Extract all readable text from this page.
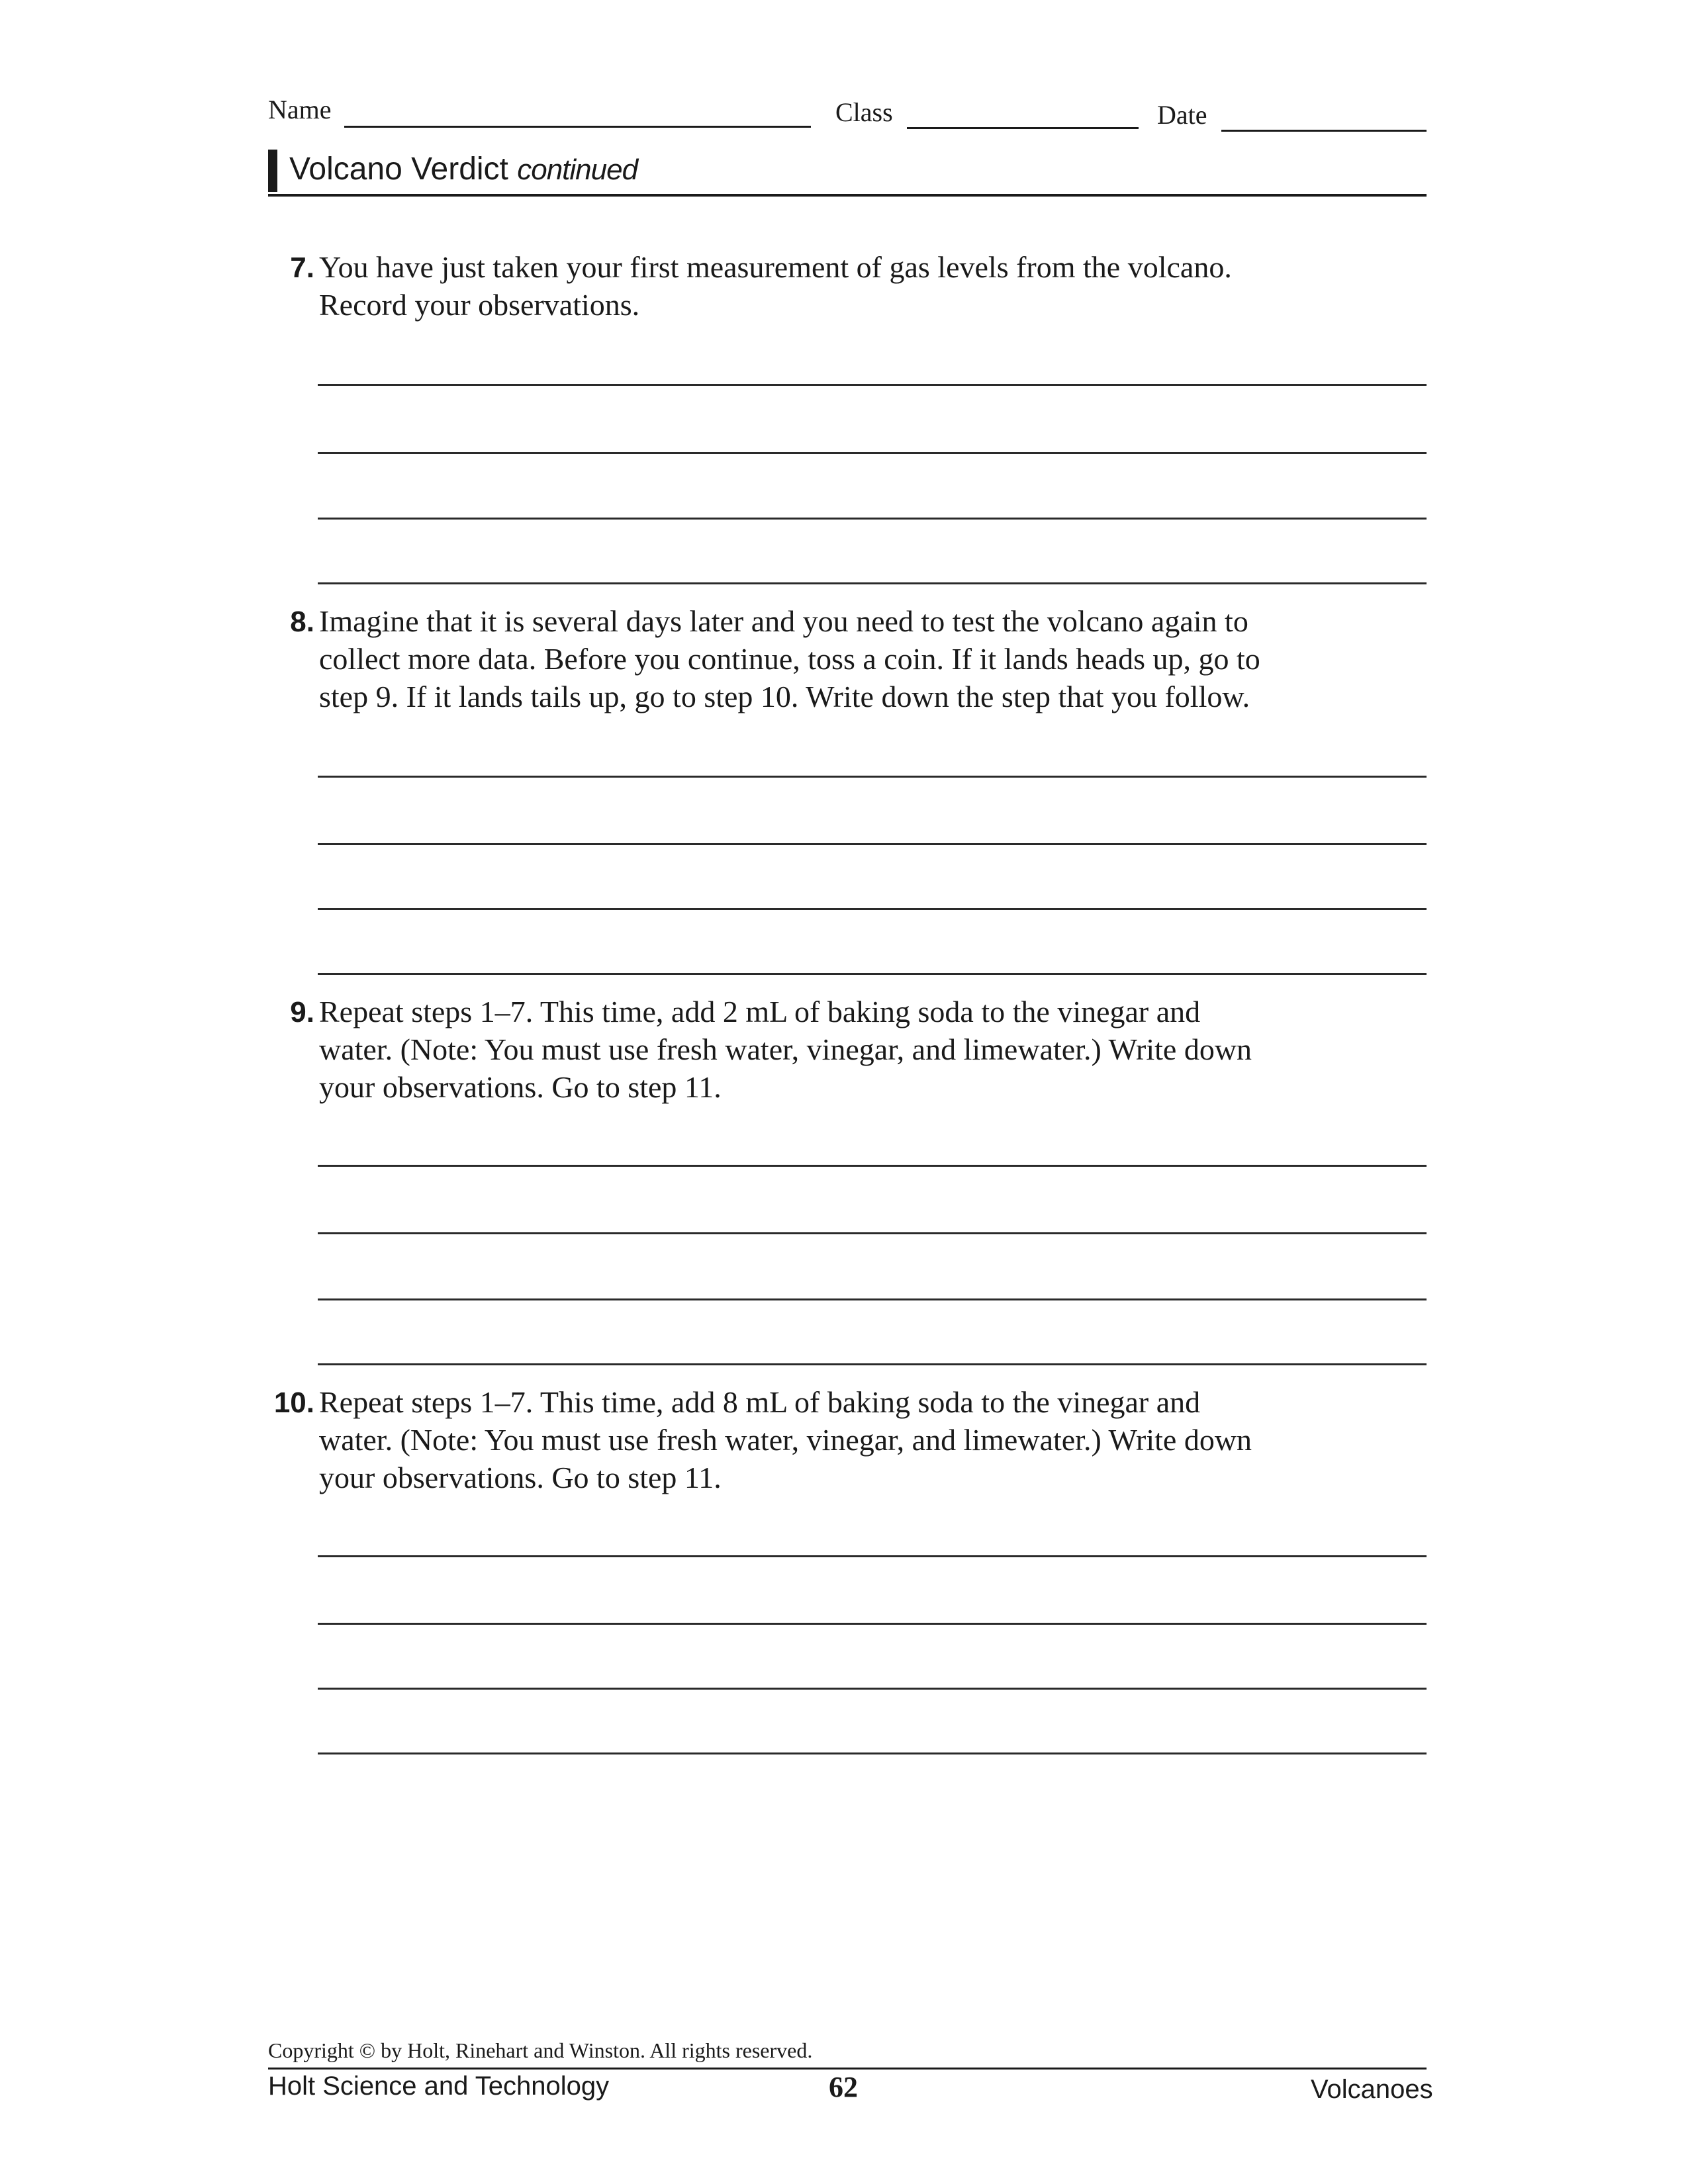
Name	Class	Date
Volcano Verdict continued
7. You have just taken your first measurement of gas levels from the volcano.
Record your observations.
8. Imagine that it is several days later and you need to test the volcano again to
collect more data. Before you continue, toss a coin. If it lands heads up, go to
step 9. If it lands tails up, go to step 10. Write down the step that you follow.
9. Repeat steps 1–7. This time, add 2 mL of baking soda to the vinegar and
water. (Note: You must use fresh water, vinegar, and limewater.) Write down
your observations. Go to step 11.
10. Repeat steps 1–7. This time, add 8 mL of baking soda to the vinegar and
water. (Note: You must use fresh water, vinegar, and limewater.) Write down
your observations. Go to step 11.
Copyright © by Holt, Rinehart and Winston. All rights reserved.
Holt Science and Technology	62	Volcanoes
